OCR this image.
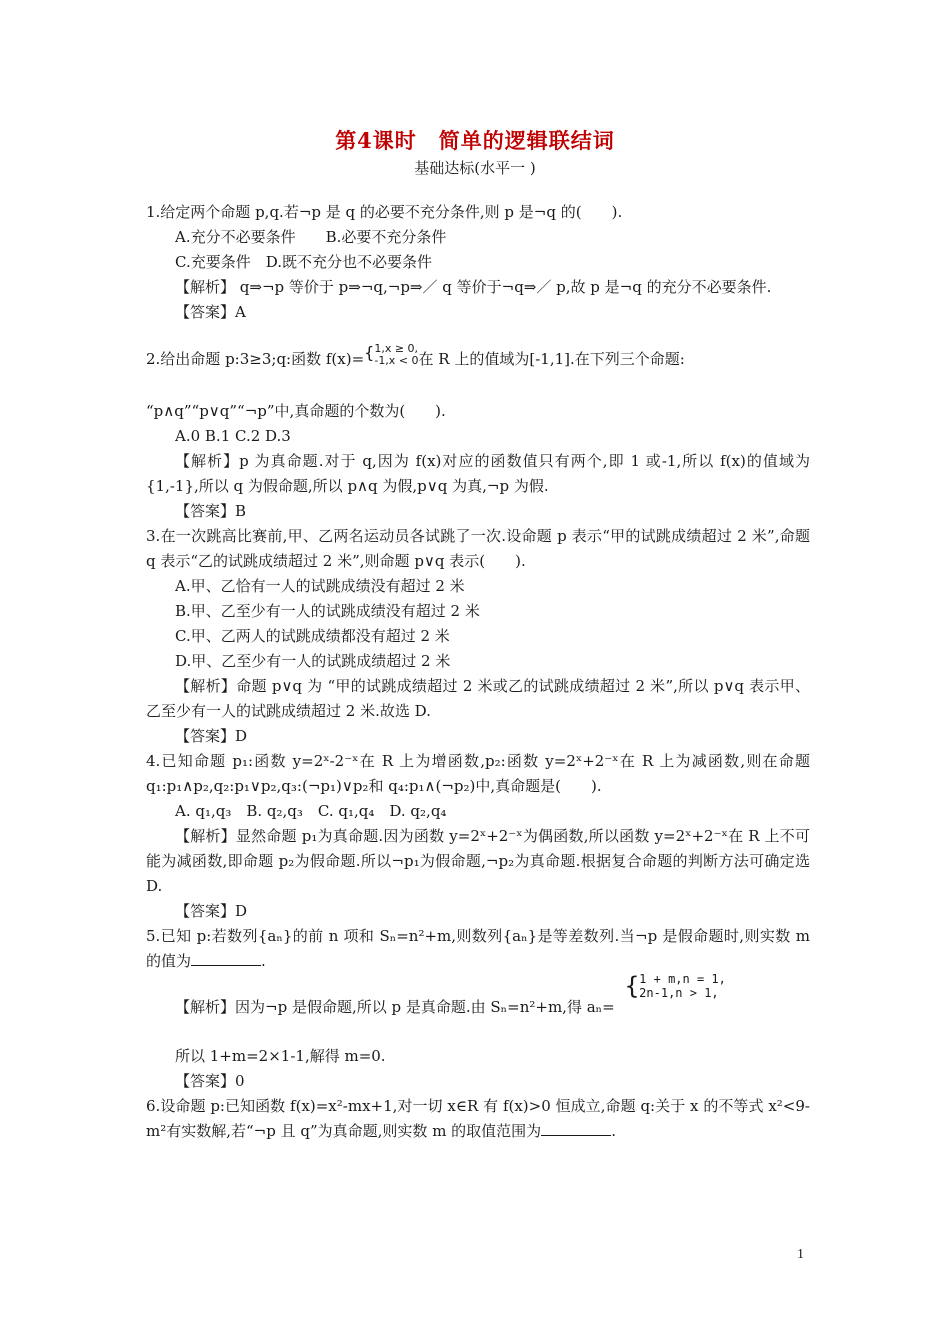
第4课时　简单的逻辑联结词
基础达标(水平一 )

1.给定两个命题 p,q.若¬p 是 q 的必要不充分条件,则 p 是¬q 的(　　).

A.充分不必要条件　　B.必要不充分条件

C.充要条件　D.既不充分也不必要条件

【解析】 q⇒¬p 等价于 p⇒¬q,¬p⇒／ q 等价于¬q⇒／ p,故 p 是¬q 的充分不必要条件.

【答案】A

2.给出命题 p:3≥3;q:函数 f(x)={1,x ≥ 0,
-1,x < 0在 R 上的值域为[-1,1].在下列三个命题:

“p∧q”“p∨q”“¬p”中,真命题的个数为(　　).

A.0 B.1 C.2 D.3

【解析】p 为真命题.对于 q,因为 f(x)对应的函数值只有两个,即 1 或-1,所以 f(x)的值域为{1,-1},所以 q 为假命题,所以 p∧q 为假,p∨q 为真,¬p 为假.

【答案】B

3.在一次跳高比赛前,甲、乙两名运动员各试跳了一次.设命题 p 表示“甲的试跳成绩超过 2 米”,命题 q 表示“乙的试跳成绩超过 2 米”,则命题 p∨q 表示(　　).

A.甲、乙恰有一人的试跳成绩没有超过 2 米

B.甲、乙至少有一人的试跳成绩没有超过 2 米

C.甲、乙两人的试跳成绩都没有超过 2 米

D.甲、乙至少有一人的试跳成绩超过 2 米

【解析】命题 p∨q 为 “甲的试跳成绩超过 2 米或乙的试跳成绩超过 2 米”,所以 p∨q 表示甲、乙至少有一人的试跳成绩超过 2 米.故选 D.

【答案】D

4.已知命题 p₁:函数 y=2ˣ-2⁻ˣ在 R 上为增函数,p₂:函数 y=2ˣ+2⁻ˣ在 R 上为减函数,则在命题 q₁:p₁∧p₂,q₂:p₁∨p₂,q₃:(¬p₁)∨p₂和 q₄:p₁∧(¬p₂)中,真命题是(　　).

A. q₁,q₃　B. q₂,q₃　C. q₁,q₄　D. q₂,q₄

【解析】显然命题 p₁为真命题.因为函数 y=2ˣ+2⁻ˣ为偶函数,所以函数 y=2ˣ+2⁻ˣ在 R 上不可能为减函数,即命题 p₂为假命题.所以¬p₁为假命题,¬p₂为真命题.根据复合命题的判断方法可确定选 D.

【答案】D

5.已知 p:若数列{aₙ}的前 n 项和 Sₙ=n²+m,则数列{aₙ}是等差数列.当¬p 是假命题时,则实数 m 的值为	.

【解析】因为¬p 是假命题,所以 p 是真命题.由 Sₙ=n²+m,得 aₙ={1 + m,n = 1,
2n-1,n > 1,

所以 1+m=2×1-1,解得 m=0.

【答案】0

6.设命题 p:已知函数 f(x)=x²-mx+1,对一切 x∈R 有 f(x)>0 恒成立,命题 q:关于 x 的不等式 x²<9-m²有实数解,若“¬p 且 q”为真命题,则实数 m 的取值范围为	.

1
